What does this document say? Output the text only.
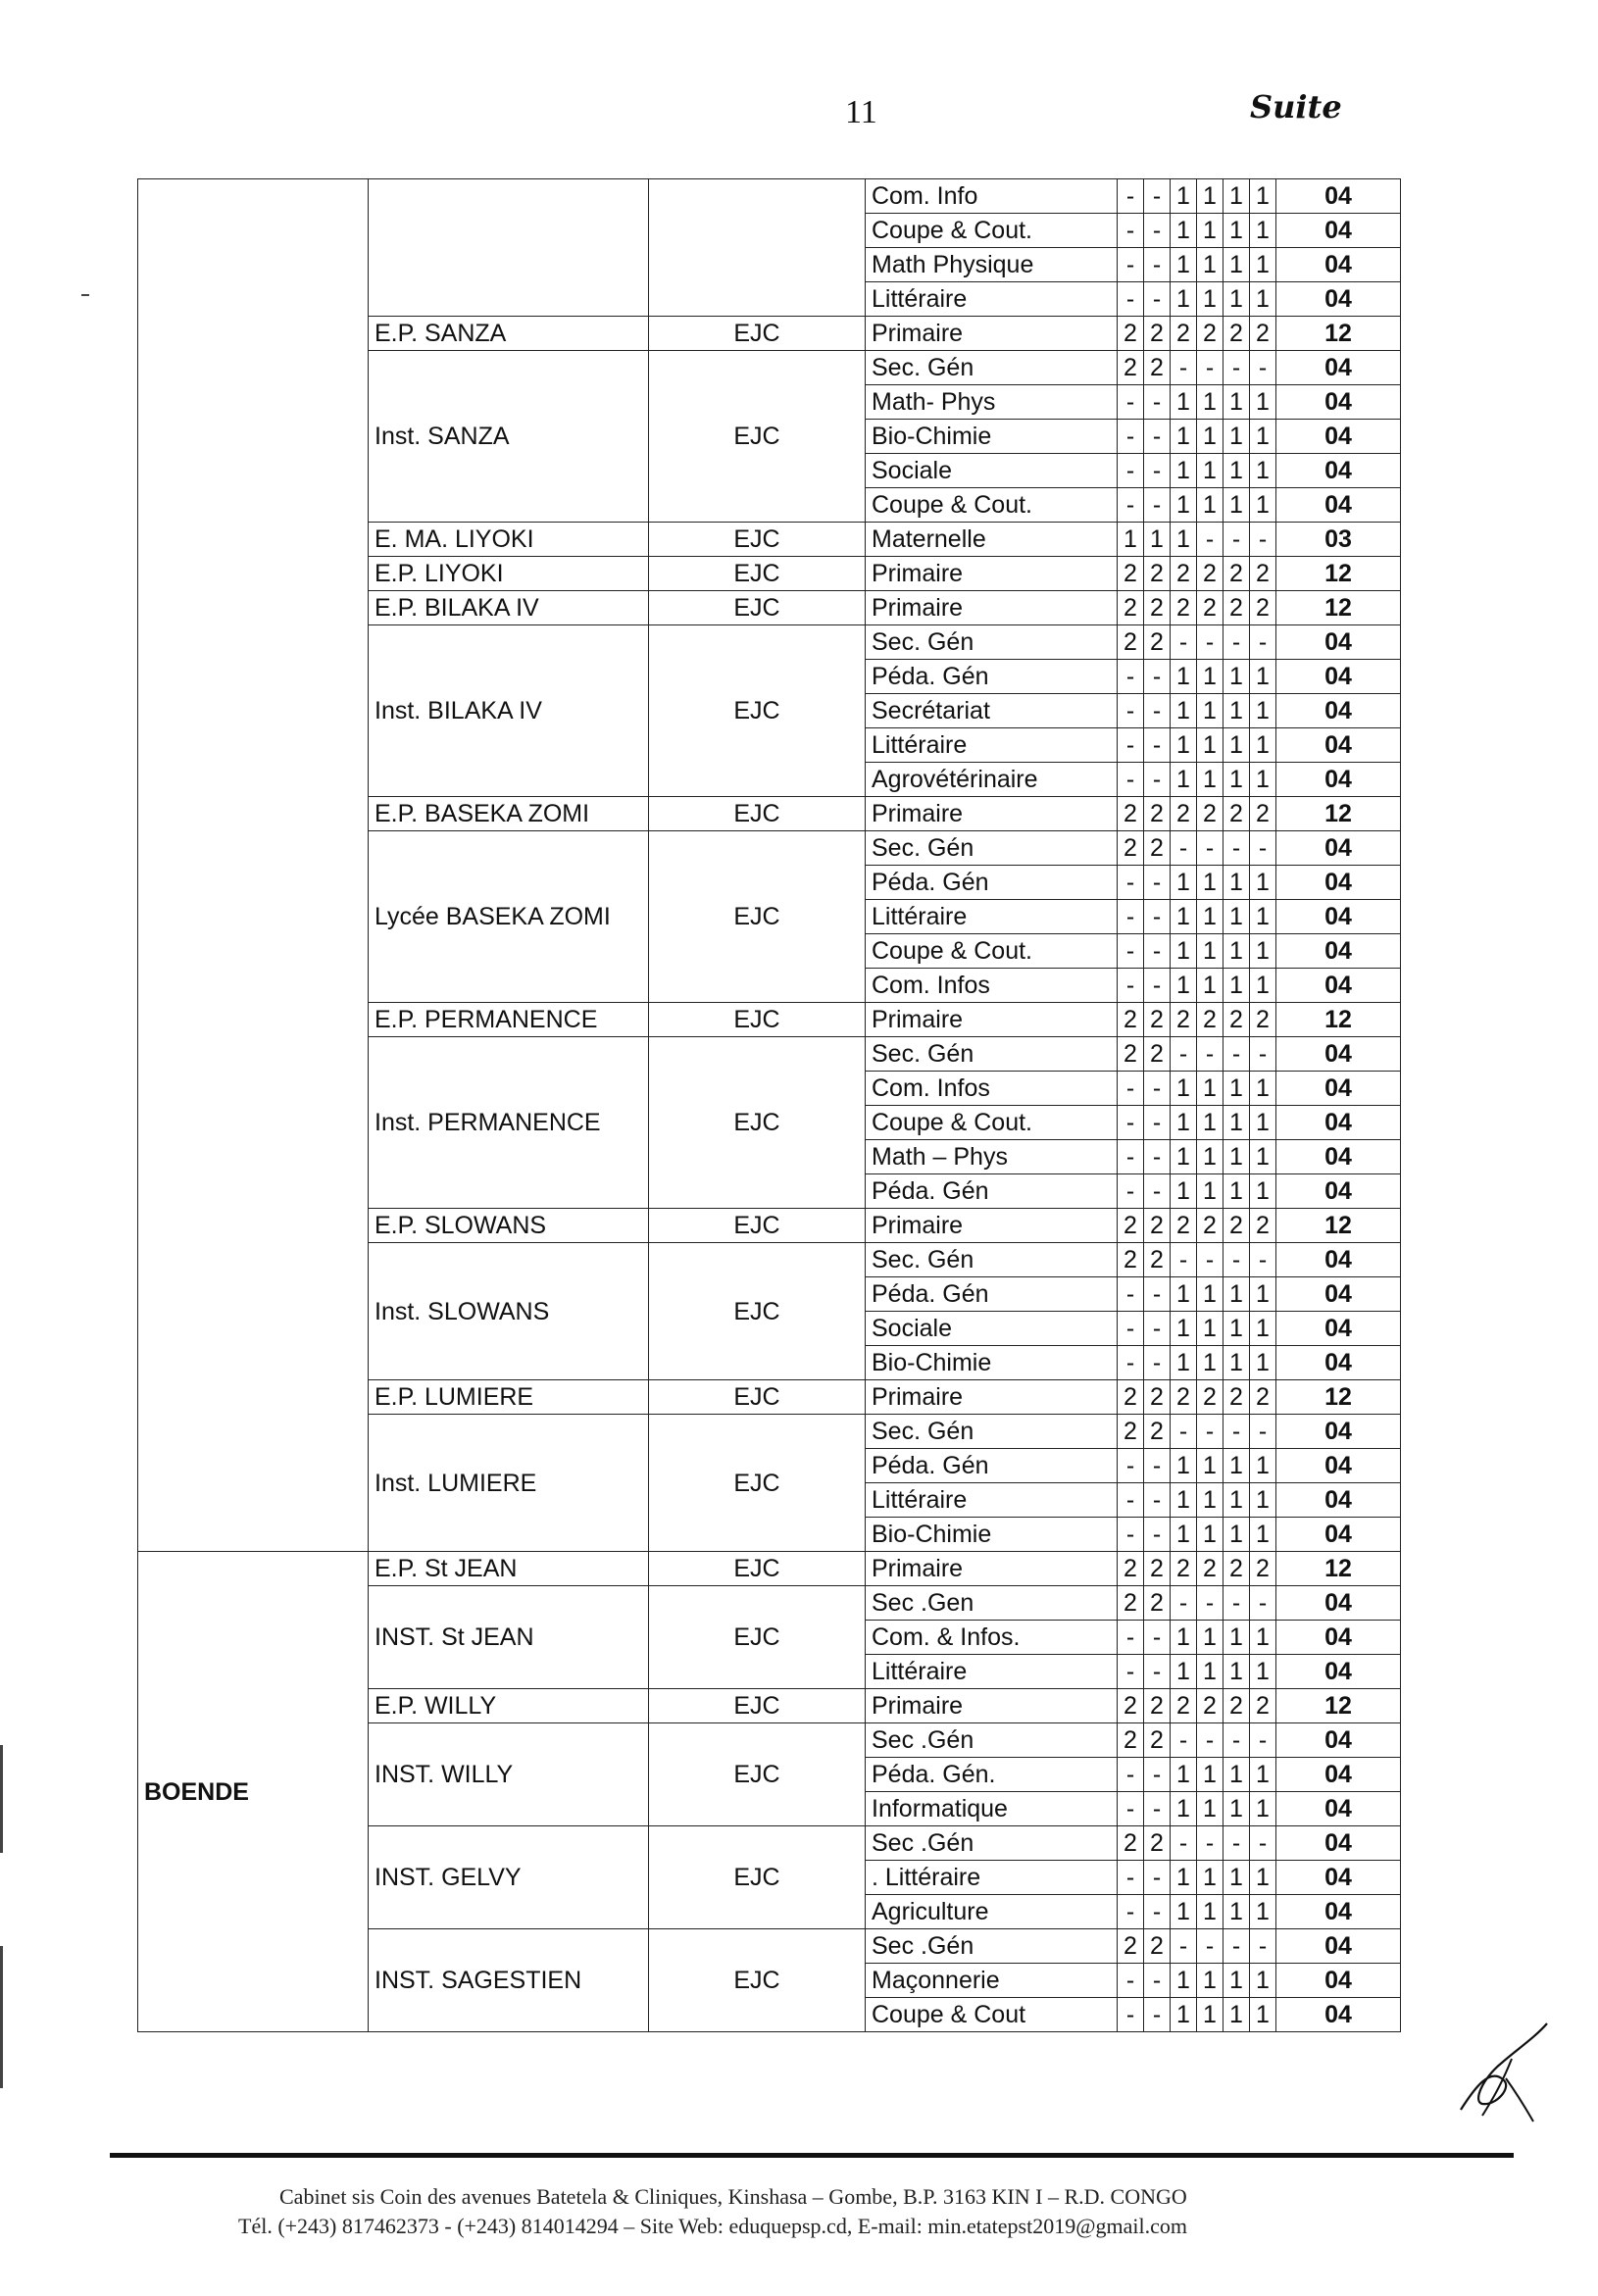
11	Suite
			Com. Info	-	-	1	1	1	1	04
			Coupe & Cout.	-	-	1	1	1	1	04
			Math Physique	-	-	1	1	1	1	04
			Littéraire	-	-	1	1	1	1	04
	E.P. SANZA	EJC	Primaire	2	2	2	2	2	2	12
	Inst. SANZA	EJC	Sec. Gén	2	2	-	-	-	-	04
			Math- Phys	-	-	1	1	1	1	04
			Bio-Chimie	-	-	1	1	1	1	04
			Sociale	-	-	1	1	1	1	04
			Coupe & Cout.	-	-	1	1	1	1	04
	E. MA. LIYOKI	EJC	Maternelle	1	1	1	-	-	-	03
	E.P. LIYOKI	EJC	Primaire	2	2	2	2	2	2	12
	E.P. BILAKA IV	EJC	Primaire	2	2	2	2	2	2	12
	Inst. BILAKA IV	EJC	Sec. Gén	2	2	-	-	-	-	04
			Péda. Gén	-	-	1	1	1	1	04
			Secrétariat	-	-	1	1	1	1	04
			Littéraire	-	-	1	1	1	1	04
			Agrovétérinaire	-	-	1	1	1	1	04
	E.P. BASEKA ZOMI	EJC	Primaire	2	2	2	2	2	2	12
	Lycée BASEKA ZOMI	EJC	Sec. Gén	2	2	-	-	-	-	04
			Péda. Gén	-	-	1	1	1	1	04
			Littéraire	-	-	1	1	1	1	04
			Coupe & Cout.	-	-	1	1	1	1	04
			Com. Infos	-	-	1	1	1	1	04
	E.P. PERMANENCE	EJC	Primaire	2	2	2	2	2	2	12
	Inst. PERMANENCE	EJC	Sec. Gén	2	2	-	-	-	-	04
			Com. Infos	-	-	1	1	1	1	04
			Coupe & Cout.	-	-	1	1	1	1	04
			Math – Phys	-	-	1	1	1	1	04
			Péda. Gén	-	-	1	1	1	1	04
	E.P. SLOWANS	EJC	Primaire	2	2	2	2	2	2	12
	Inst. SLOWANS	EJC	Sec. Gén	2	2	-	-	-	-	04
			Péda. Gén	-	-	1	1	1	1	04
			Sociale	-	-	1	1	1	1	04
			Bio-Chimie	-	-	1	1	1	1	04
	E.P. LUMIERE	EJC	Primaire	2	2	2	2	2	2	12
	Inst. LUMIERE	EJC	Sec. Gén	2	2	-	-	-	-	04
			Péda. Gén	-	-	1	1	1	1	04
			Littéraire	-	-	1	1	1	1	04
			Bio-Chimie	-	-	1	1	1	1	04
BOENDE	E.P. St JEAN	EJC	Primaire	2	2	2	2	2	2	12
	INST. St JEAN	EJC	Sec .Gen	2	2	-	-	-	-	04
			Com. & Infos.	-	-	1	1	1	1	04
			Littéraire	-	-	1	1	1	1	04
	E.P. WILLY	EJC	Primaire	2	2	2	2	2	2	12
	INST. WILLY	EJC	Sec .Gén	2	2	-	-	-	-	04
			Péda. Gén.	-	-	1	1	1	1	04
			Informatique	-	-	1	1	1	1	04
	INST. GELVY	EJC	Sec .Gén	2	2	-	-	-	-	04
			. Littéraire	-	-	1	1	1	1	04
			Agriculture	-	-	1	1	1	1	04
	INST. SAGESTIEN	EJC	Sec .Gén	2	2	-	-	-	-	04
			Maçonnerie	-	-	1	1	1	1	04
			Coupe & Cout	-	-	1	1	1	1	04
Cabinet sis Coin des avenues Batetela & Cliniques, Kinshasa – Gombe, B.P. 3163 KIN I – R.D. CONGO
Tél. (+243) 817462373 - (+243) 814014294 – Site Web: eduquepsp.cd, E-mail: min.etatepst2019@gmail.com
